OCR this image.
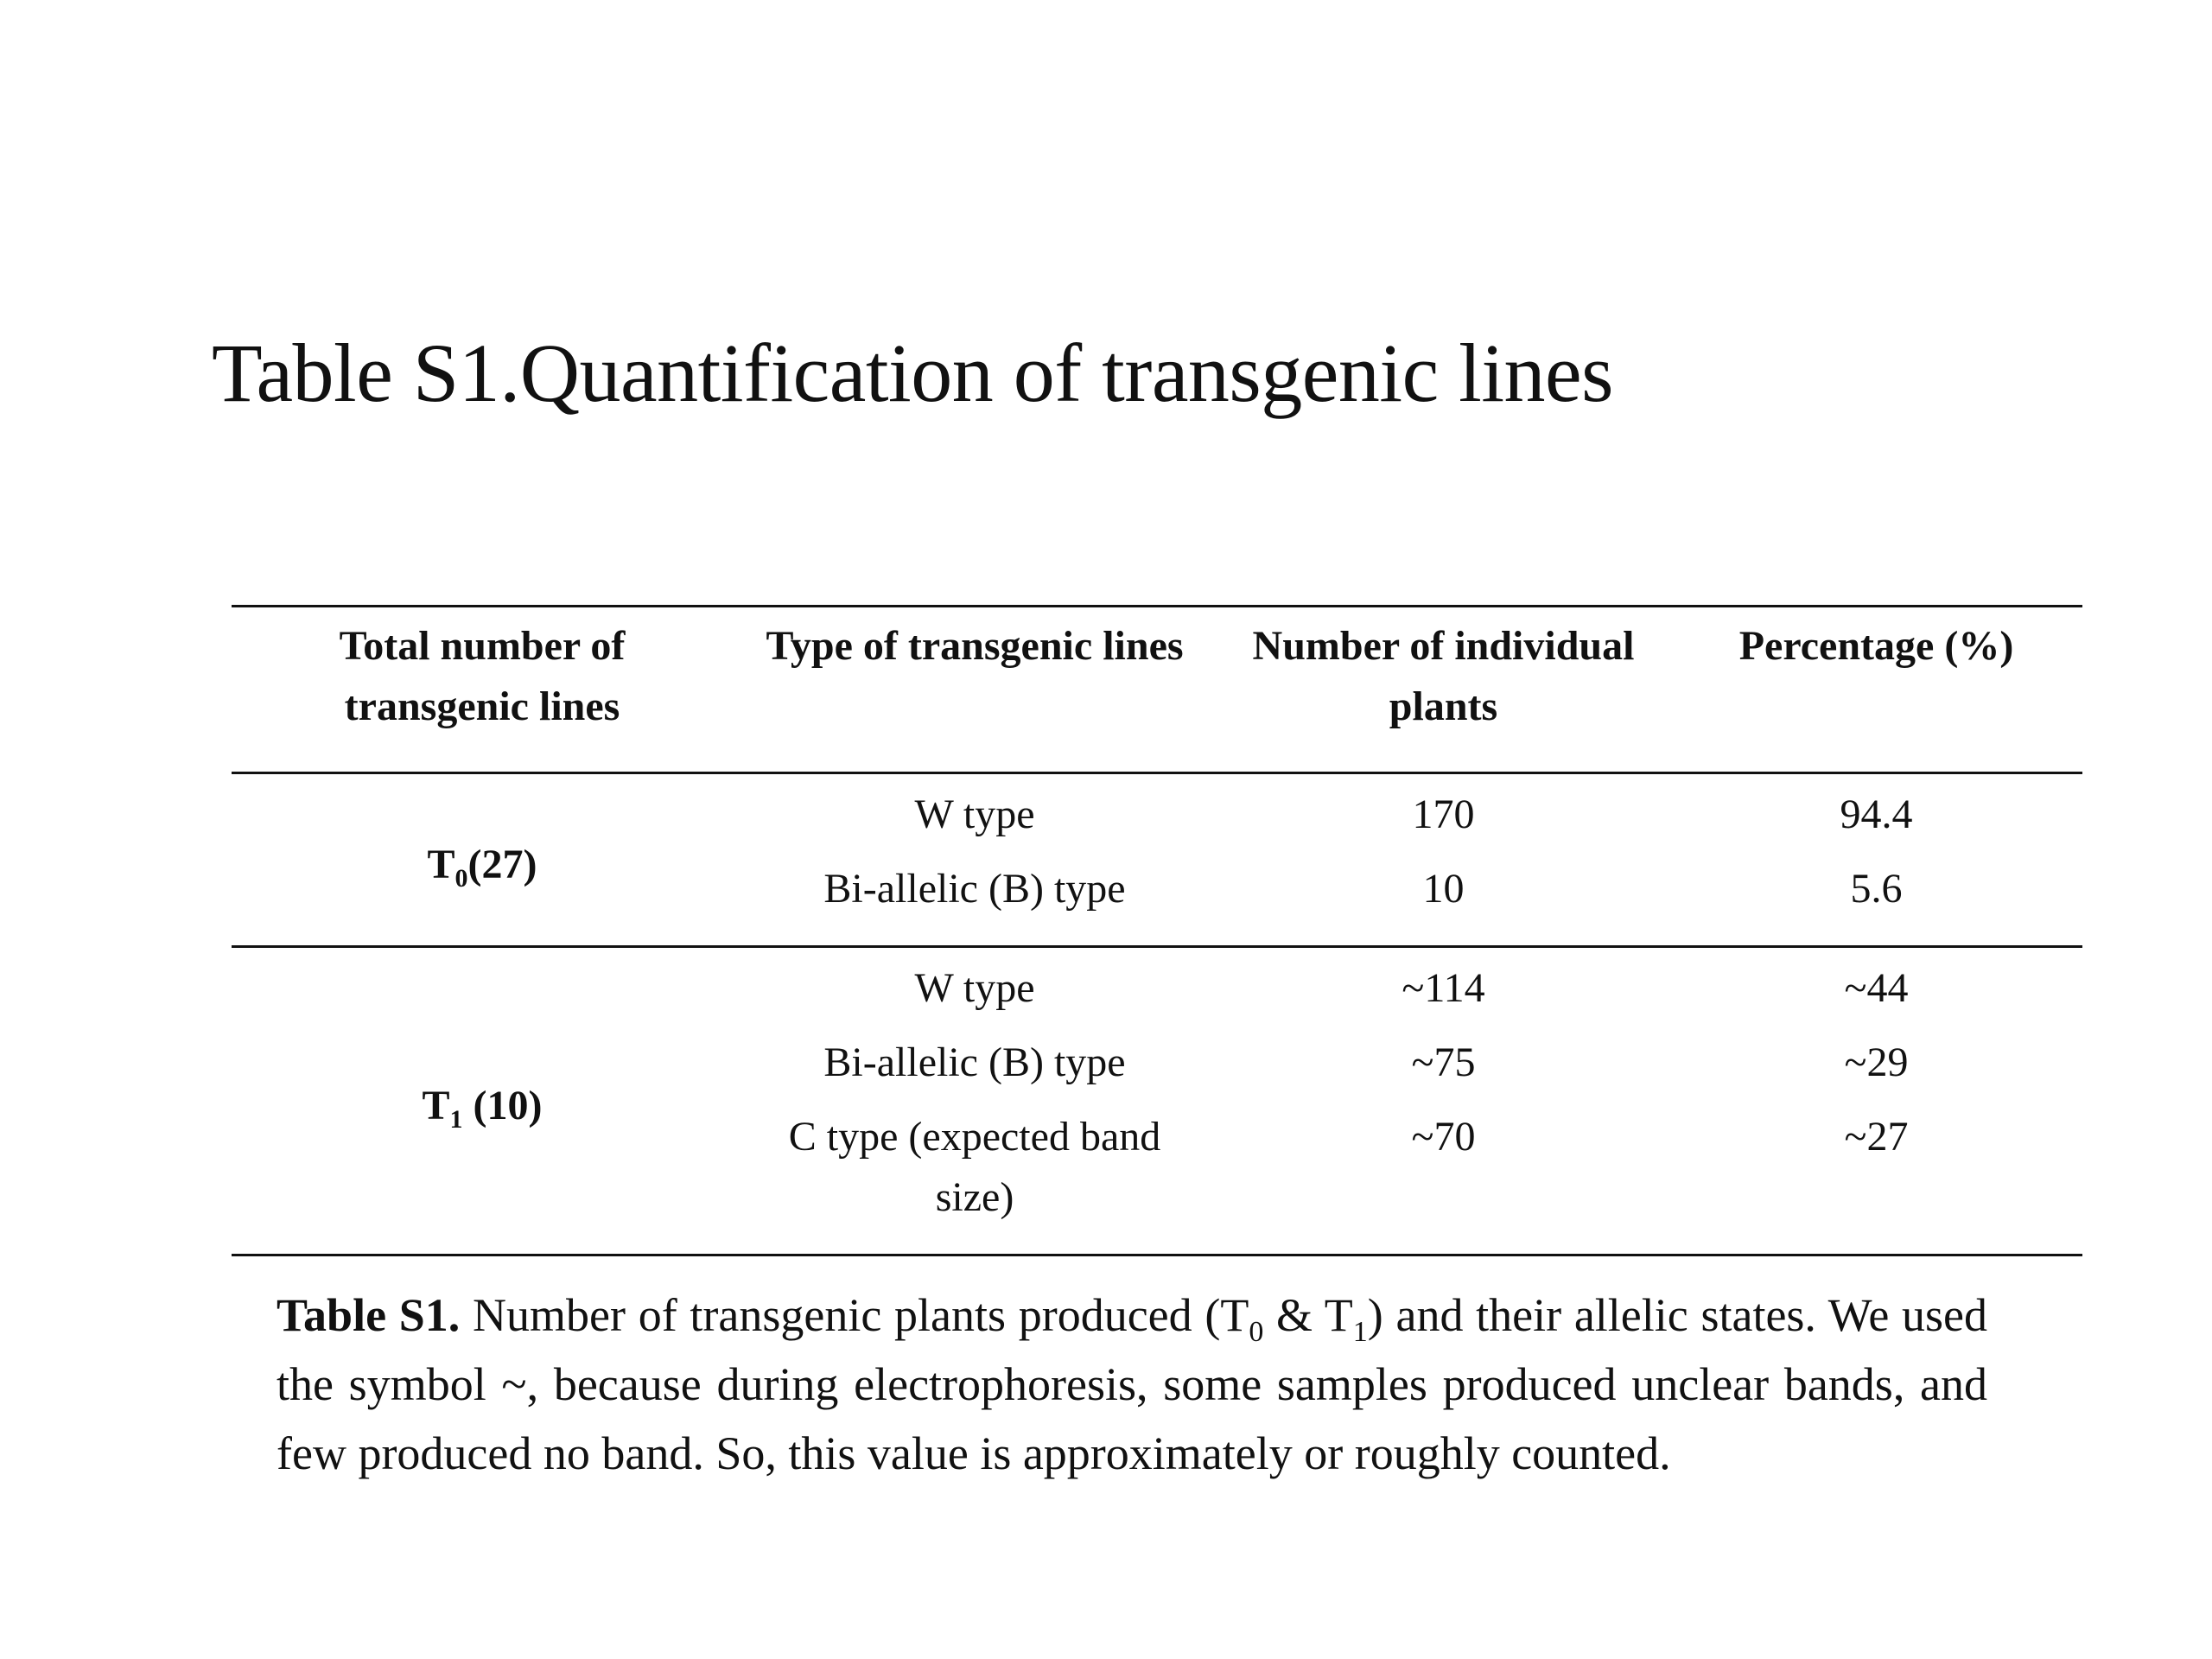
Table S1.Quantification of transgenic lines
Total number of transgenic lines	Type of transgenic lines	Number of individual plants	Percentage (%)
$T_0(27)$	W type	170	94.4
	Bi-allelic (B) type	10	5.6
$T_1$ (10)	W type	~114	~44
	Bi-allelic (B) type	~75	~29
	C type (expected band size)	~70	~27
Table S1. Number of transgenic plants produced ($T_0$ & $T_1$) and their allelic states. We used the symbol ~, because during electrophoresis, some samples produced unclear bands, and few produced no band. So, this value is approximately or roughly counted.
